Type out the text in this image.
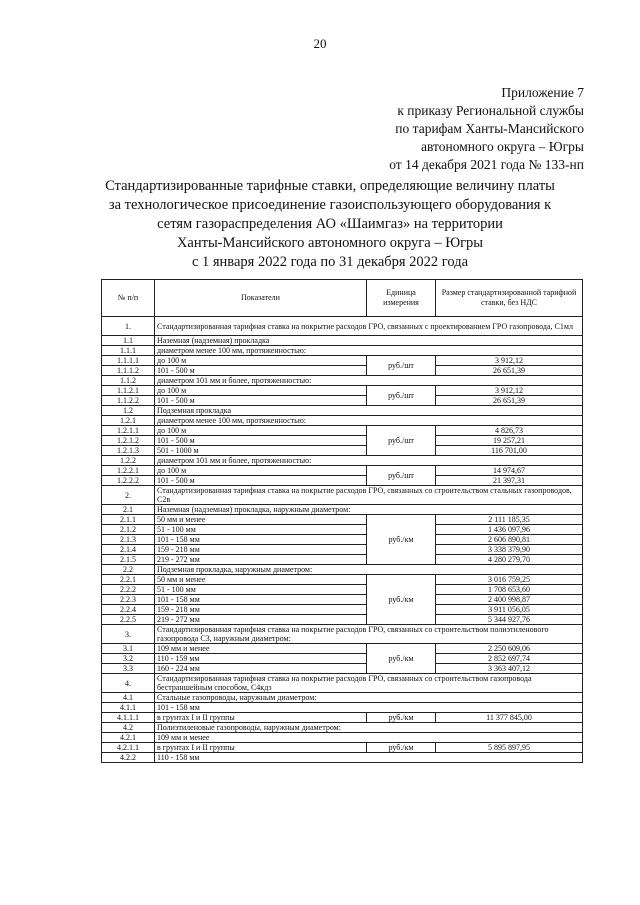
20
Приложение 7
к приказу Региональной службы
по тарифам Ханты-Мансийского
автономного округа – Югры
от 14 декабря 2021 года № 133-нп
Стандартизированные тарифные ставки, определяющие величину платы
за технологическое присоединение газоиспользующего оборудования к
сетям газораспределения АО «Шаимгаз» на территории
Ханты-Мансийского автономного округа – Югры
с 1 января 2022 года по 31 декабря 2022 года
№ п/п	Показатели	Единица измерения	Размер стандартизированной тарифной ставки, без НДС
1.	Стандартизированная тарифная ставка на покрытие расходов ГРО, связанных с проектированием ГРО газопровода, С1мл		
1.1	Наземная (надземная) прокладка		
1.1.1	диаметром менее 100 мм, протяженностью:		
1.1.1.1	до 100 м	руб./шт	3 912,12
1.1.1.2	101 - 500 м		26 651,39
1.1.2	диаметром 101 мм и более, протяженностью:		
1.1.2.1	до 100 м	руб./шт	3 912,12
1.1.2.2	101 - 500 м		26 651,39
1.2	Подземная прокладка		
1.2.1	диаметром менее 100 мм, протяженностью:		
1.2.1.1	до 100 м	руб./шт	4 826,73
1.2.1.2	101 - 500 м		19 257,21
1.2.1.3	501 - 1000 м		116 701,00
1.2.2	диаметром 101 мм и более, протяженностью:		
1.2.2.1	до 100 м	руб./шт	14 974,67
1.2.2.2	101 - 500 м		21 397,31
2.	Стандартизированная тарифная ставка на покрытие расходов ГРО, связанных со строительством стальных газопроводов, С2в		
2.1	Наземная (надземная) прокладка, наружным диаметром:		
2.1.1	50 мм и менее	руб./км	2 111 185,35
2.1.2	51 - 100 мм		1 436 097,96
2.1.3	101 - 158 мм		2 606 890,81
2.1.4	159 - 218 мм		3 338 379,90
2.1.5	219 - 272 мм		4 280 279,70
2.2	Подземная прокладка, наружным диаметром:		
2.2.1	50 мм и менее	руб./км	3 016 759,25
2.2.2	51 - 100 мм		1 708 653,60
2.2.3	101 - 158 мм		2 400 998,87
2.2.4	159 - 218 мм		3 911 056,05
2.2.5	219 - 272 мм		5 344 927,76
3.	Стандартизированная тарифная ставка на покрытие расходов ГРО, связанных со строительством полиэтиленового газопровода С3, наружным диаметром:		
3.1	109 мм и менее	руб./км	2 250 609,06
3.2	110 - 159 мм		2 852 697,74
3.3	160 - 224 мм		3 363 407,12
4.	Стандартизированная тарифная ставка на покрытие расходов ГРО, связанных со строительством газопровода бестраншейным способом, С4кдз		
4.1	Стальные газопроводы, наружным диаметром:		
4.1.1	101 - 158 мм		
4.1.1.1	в грунтах I и II группы	руб./км	11 377 845,00
4.2	Полиэтиленовые газопроводы, наружным диаметром:		
4.2.1	109 мм и менее		
4.2.1.1	в грунтах I и II группы	руб./км	5 895 897,95
4.2.2	110 - 158 мм		
